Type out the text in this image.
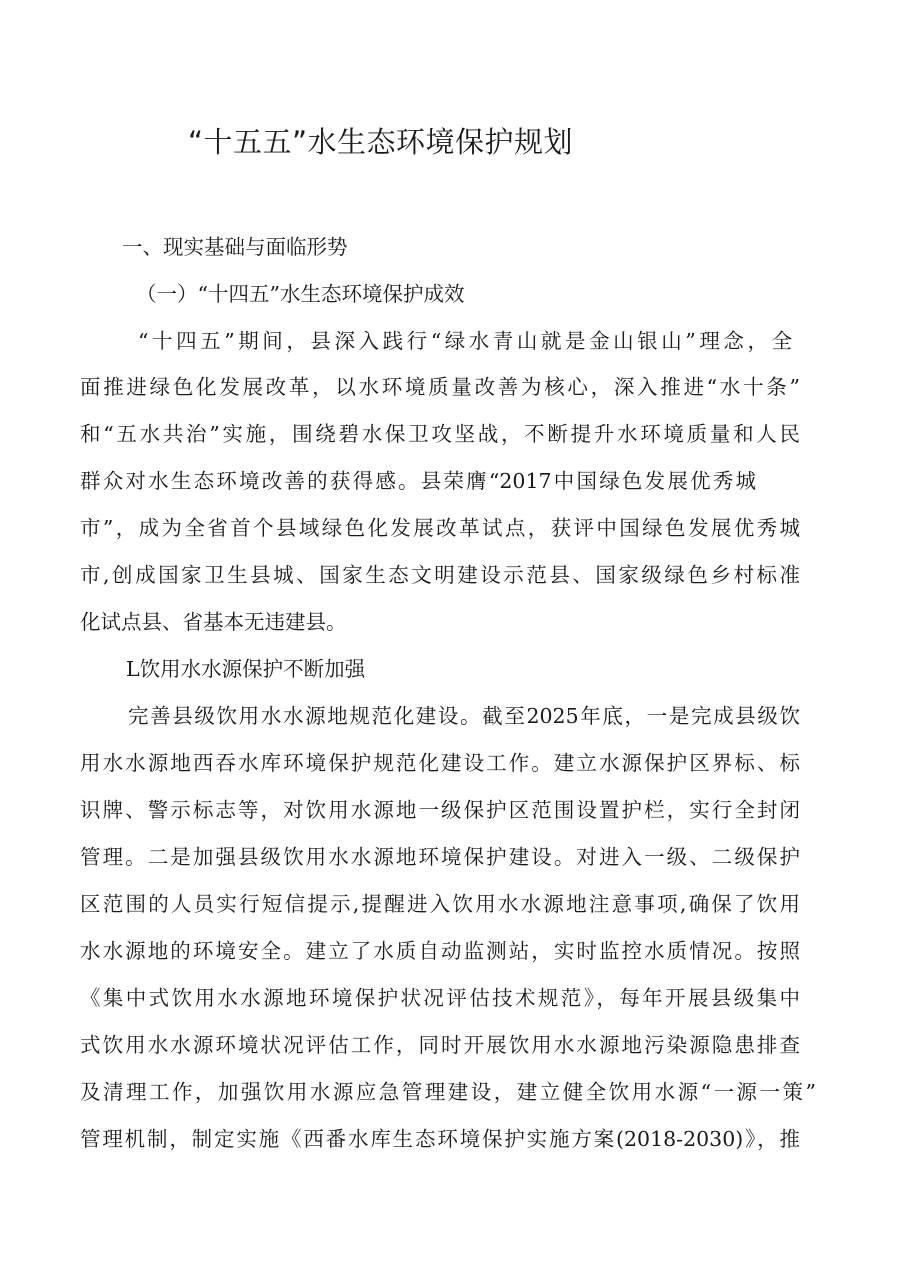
“十五五”水生态环境保护规划
一、现实基础与面临形势
（一）“十四五”水生态环境保护成效
“十四五”期间，县深入践行“绿水青山就是金山银山”理念，全
面推进绿色化发展改革，以水环境质量改善为核心，深入推进“水十条”
和“五水共治”实施，围绕碧水保卫攻坚战，不断提升水环境质量和人民
群众对水生态环境改善的获得感。县荣膺“2017中国绿色发展优秀城
市”，成为全省首个县域绿色化发展改革试点，获评中国绿色发展优秀城
市,创成国家卫生县城、国家生态文明建设示范县、国家级绿色乡村标准
化试点县、省基本无违建县。
L饮用水水源保护不断加强
完善县级饮用水水源地规范化建设。截至2025年底，一是完成县级饮
用水水源地西吞水库环境保护规范化建设工作。建立水源保护区界标、标
识牌、警示标志等，对饮用水源地一级保护区范围设置护栏，实行全封闭
管理。二是加强县级饮用水水源地环境保护建设。对进入一级、二级保护
区范围的人员实行短信提示,提醒进入饮用水水源地注意事项,确保了饮用
水水源地的环境安全。建立了水质自动监测站，实时监控水质情况。按照
《集中式饮用水水源地环境保护状况评估技术规范》，每年开展县级集中
式饮用水水源环境状况评估工作，同时开展饮用水水源地污染源隐患排查
及清理工作，加强饮用水源应急管理建设，建立健全饮用水源“一源一策”
管理机制，制定实施《西番水库生态环境保护实施方案(2018-2030)》，推
